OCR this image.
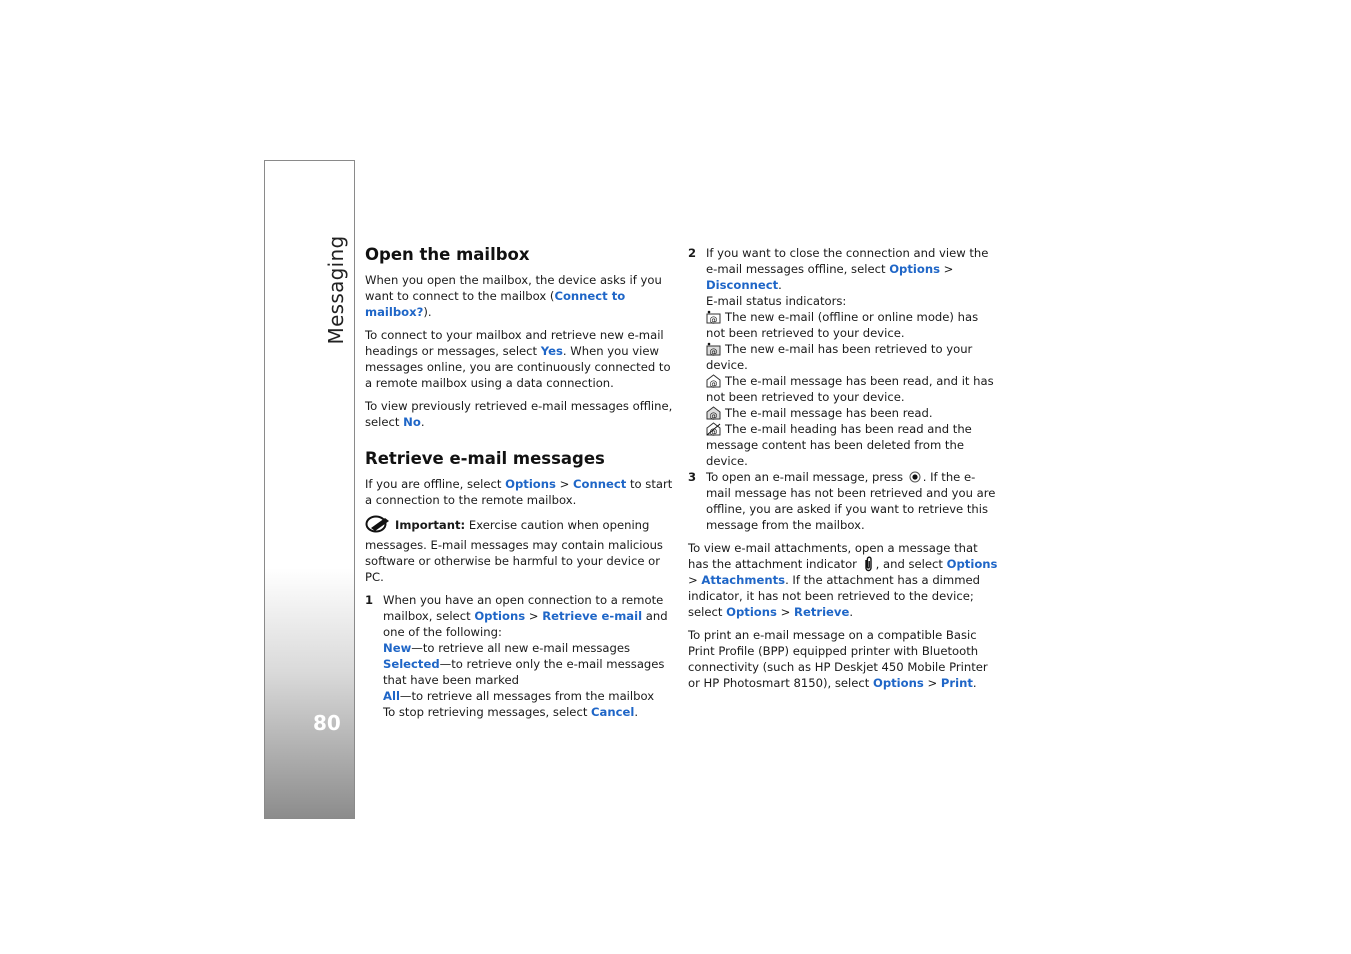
Messaging
80
Open the mailbox

When you open the mailbox, the device asks if you want to connect to the mailbox (Connect to mailbox?).

To connect to your mailbox and retrieve new e-mail headings or messages, select Yes. When you view messages online, you are continuously connected to a remote mailbox using a data connection.

To view previously retrieved e-mail messages offline, select No.

Retrieve e-mail messages

If you are offline, select Options > Connect to start a connection to the remote mailbox.

Important: Exercise caution when opening messages. E-mail messages may contain malicious software or otherwise be harmful to your device or PC.

1 When you have an open connection to a remote mailbox, select Options > Retrieve e-mail and one of the following:
New—to retrieve all new e-mail messages
Selected—to retrieve only the e-mail messages that have been marked
All—to retrieve all messages from the mailbox
To stop retrieving messages, select Cancel.
2 If you want to close the connection and view the e-mail messages offline, select Options > Disconnect.
E-mail status indicators:

@ The new e-mail (offline or online mode) has not been retrieved to your device.

@ The new e-mail has been retrieved to your device.

@ The e-mail message has been read, and it has not been retrieved to your device.

@ The e-mail message has been read.

@ The e-mail heading has been read and the message content has been deleted from the device.
3 To open an e-mail message, press . If the e-mail message has not been retrieved and you are offline, you are asked if you want to retrieve this message from the mailbox.

To view e-mail attachments, open a message that has the attachment indicator , and select Options > Attachments. If the attachment has a dimmed indicator, it has not been retrieved to the device; select Options > Retrieve.

To print an e-mail message on a compatible Basic Print Profile (BPP) equipped printer with Bluetooth connectivity (such as HP Deskjet 450 Mobile Printer or HP Photosmart 8150), select Options > Print.
